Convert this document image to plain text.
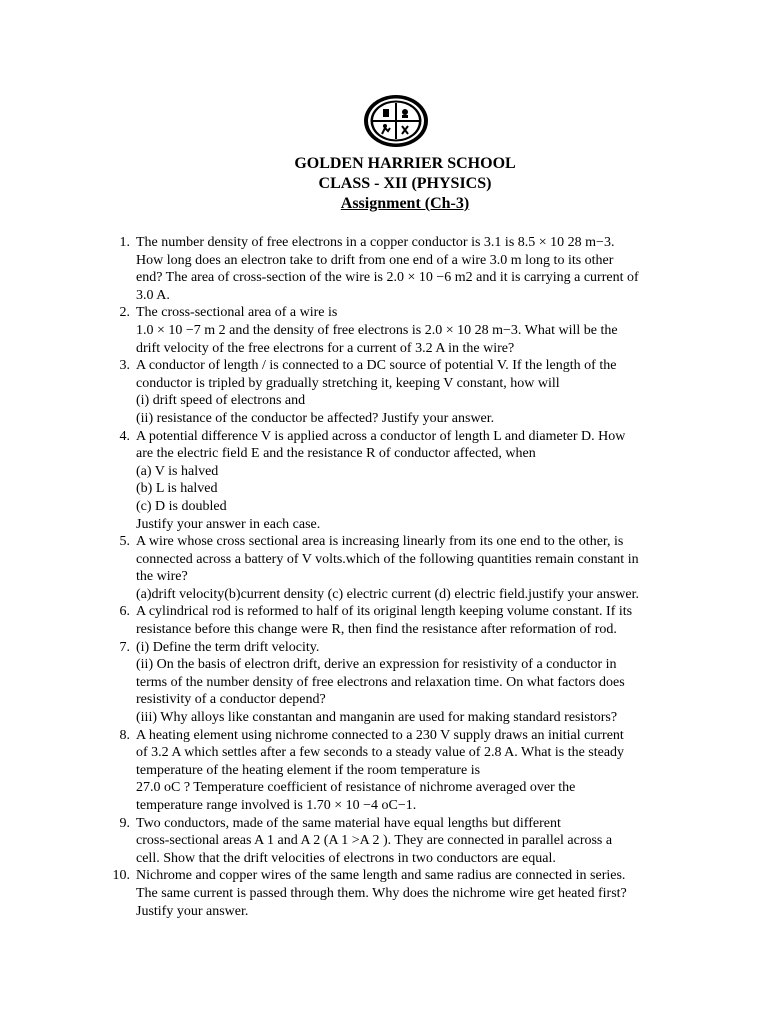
GOLDEN HARRIER SCHOOL
CLASS - XII (PHYSICS)
Assignment (Ch-3)
1. The number density of free electrons in a copper conductor is 3.1 is 8.5 × 10 28 m−3.
How long does an electron take to drift from one end of a wire 3.0 m long to its other
end? The area of cross-section of the wire is 2.0 × 10 −6 m2 and it is carrying a current of
3.0 A.
2. The cross-sectional area of a wire is
1.0 × 10 −7 m 2 and the density of free electrons is 2.0 × 10 28 m−3. What will be the
drift velocity of the free electrons for a current of 3.2 A in the wire?
3. A conductor of length / is connected to a DC source of potential V. If the length of the
conductor is tripled by gradually stretching it, keeping V constant, how will
(i) drift speed of electrons and
(ii) resistance of the conductor be affected? Justify your answer.
4. A potential difference V is applied across a conductor of length L and diameter D. How
are the electric field E and the resistance R of conductor affected, when
(a) V is halved
(b) L is halved
(c) D is doubled
Justify your answer in each case.
5. A wire whose cross sectional area is increasing linearly from its one end to the other, is
connected across a battery of V volts.which of the following quantities remain constant in
the wire?
(a)drift velocity(b)current density (c) electric current (d) electric field.justify your answer.
6. A cylindrical rod is reformed to half of its original length keeping volume constant. If its
resistance before this change were R, then find the resistance after reformation of rod.
7. (i) Define the term drift velocity.
(ii) On the basis of electron drift, derive an expression for resistivity of a conductor in
terms of the number density of free electrons and relaxation time. On what factors does
resistivity of a conductor depend?
(iii) Why alloys like constantan and manganin are used for making standard resistors?
8. A heating element using nichrome connected to a 230 V supply draws an initial current
of 3.2 A which settles after a few seconds to a steady value of 2.8 A. What is the steady
temperature of the heating element if the room temperature is
27.0 oC ? Temperature coefficient of resistance of nichrome averaged over the
temperature range involved is 1.70 × 10 −4 oC−1.
9. Two conductors, made of the same material have equal lengths but different
cross-sectional areas A 1 and A 2 (A 1 >A 2 ). They are connected in parallel across a
cell. Show that the drift velocities of electrons in two conductors are equal.
10. Nichrome and copper wires of the same length and same radius are connected in series.
The same current is passed through them. Why does the nichrome wire get heated first?
Justify your answer.
